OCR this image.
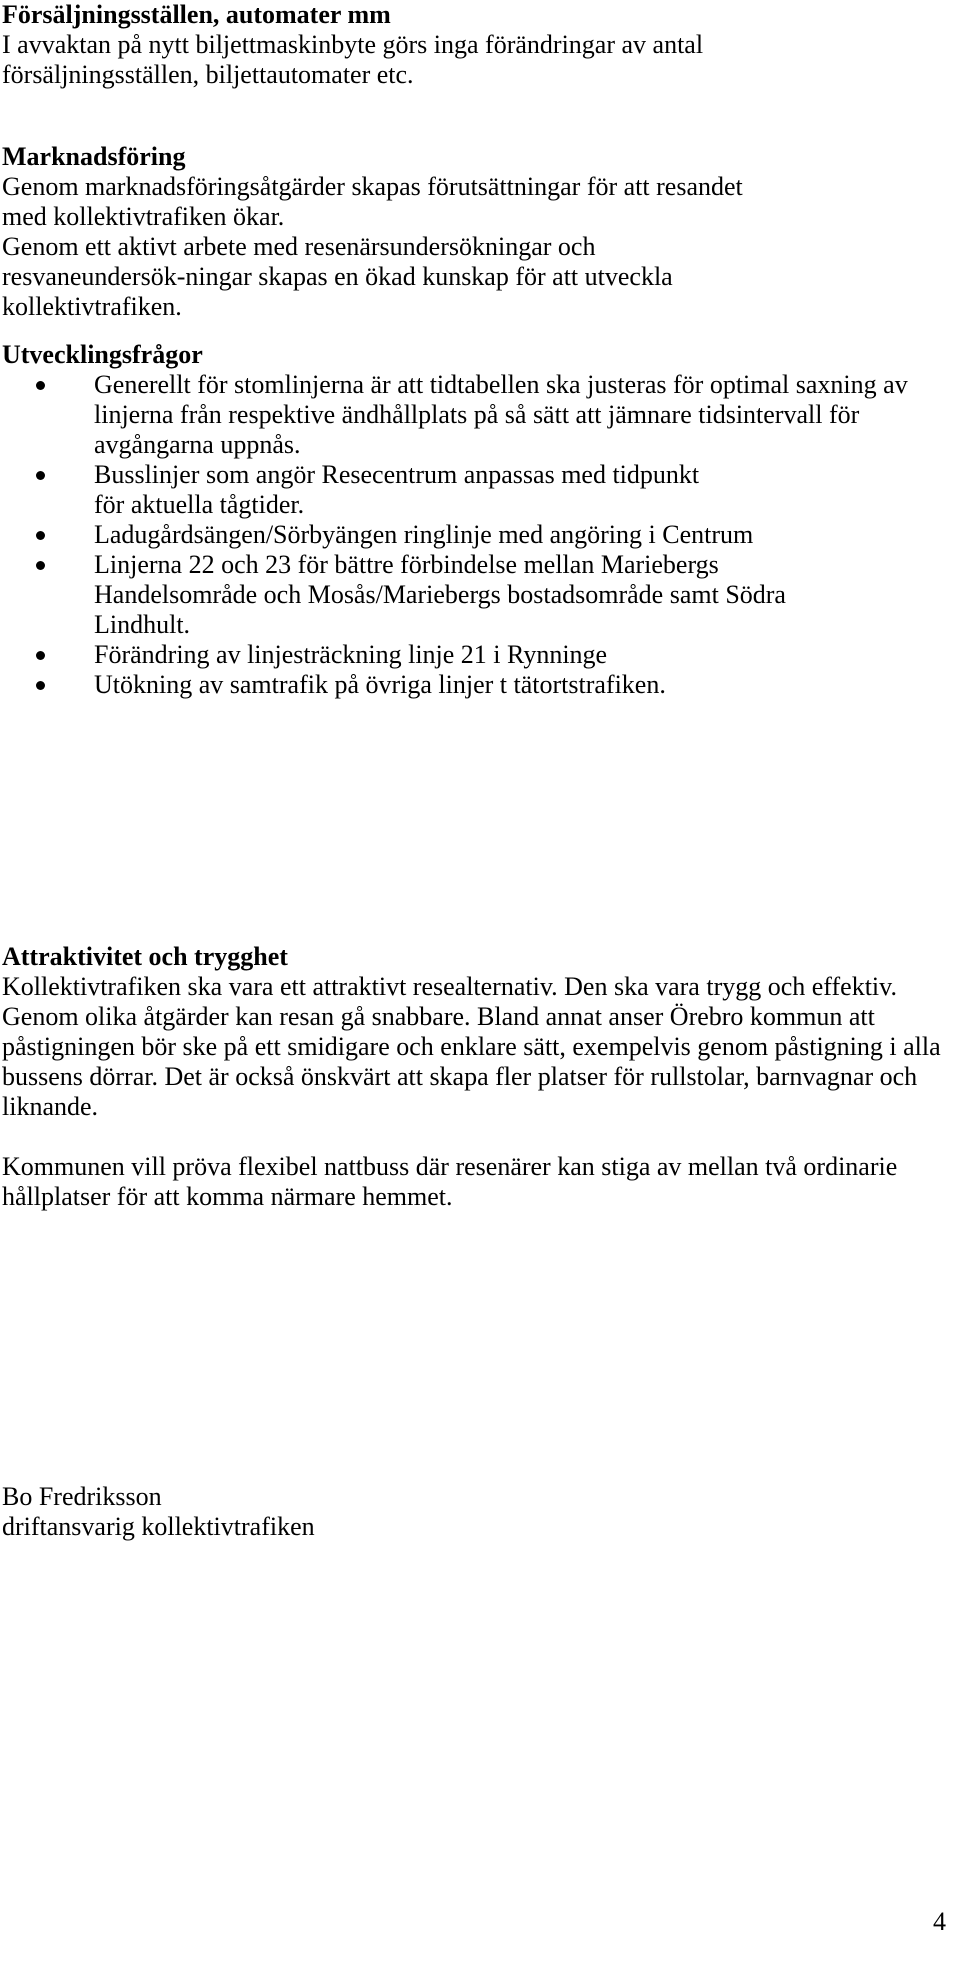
Försäljningsställen, automater mm

I avvaktan på nytt biljettmaskinbyte görs inga förändringar av antal försäljningsställen, biljettautomater etc.

Marknadsföring

Genom marknadsföringsåtgärder skapas förutsättningar för att resandet med kollektivtrafiken ökar.

Genom ett aktivt arbete med resenärsundersökningar och resvaneundersök-ningar skapas en ökad kunskap för att utveckla kollektivtrafiken.

Utvecklingsfrågor
Generellt för stomlinjerna är att tidtabellen ska justeras för optimal saxning av linjerna från respektive ändhållplats på så sätt att jämnare tidsintervall för avgångarna uppnås.
Busslinjer som angör Resecentrum anpassas med tidpunkt för aktuella tågtider.
Ladugårdsängen/Sörbyängen ringlinje med angöring i Centrum
Linjerna 22 och 23 för bättre förbindelse mellan Mariebergs Handelsområde och Mosås/Mariebergs bostadsområde samt Södra Lindhult.
Förändring av linjesträckning linje 21 i Rynninge
Utökning av samtrafik på övriga linjer t tätortstrafiken.
Attraktivitet och trygghet

Kollektivtrafiken ska vara ett attraktivt resealternativ. Den ska vara trygg och effektiv. Genom olika åtgärder kan resan gå snabbare. Bland annat anser Örebro kommun att påstigningen bör ske på ett smidigare och enklare sätt, exempelvis genom påstigning i alla bussens dörrar. Det är också önskvärt att skapa fler platser för rullstolar, barnvagnar och liknande.

Kommunen vill pröva flexibel nattbuss där resenärer kan stiga av mellan två ordinarie hållplatser för att komma närmare hemmet.

Bo Fredriksson

driftansvarig kollektivtrafiken

4
